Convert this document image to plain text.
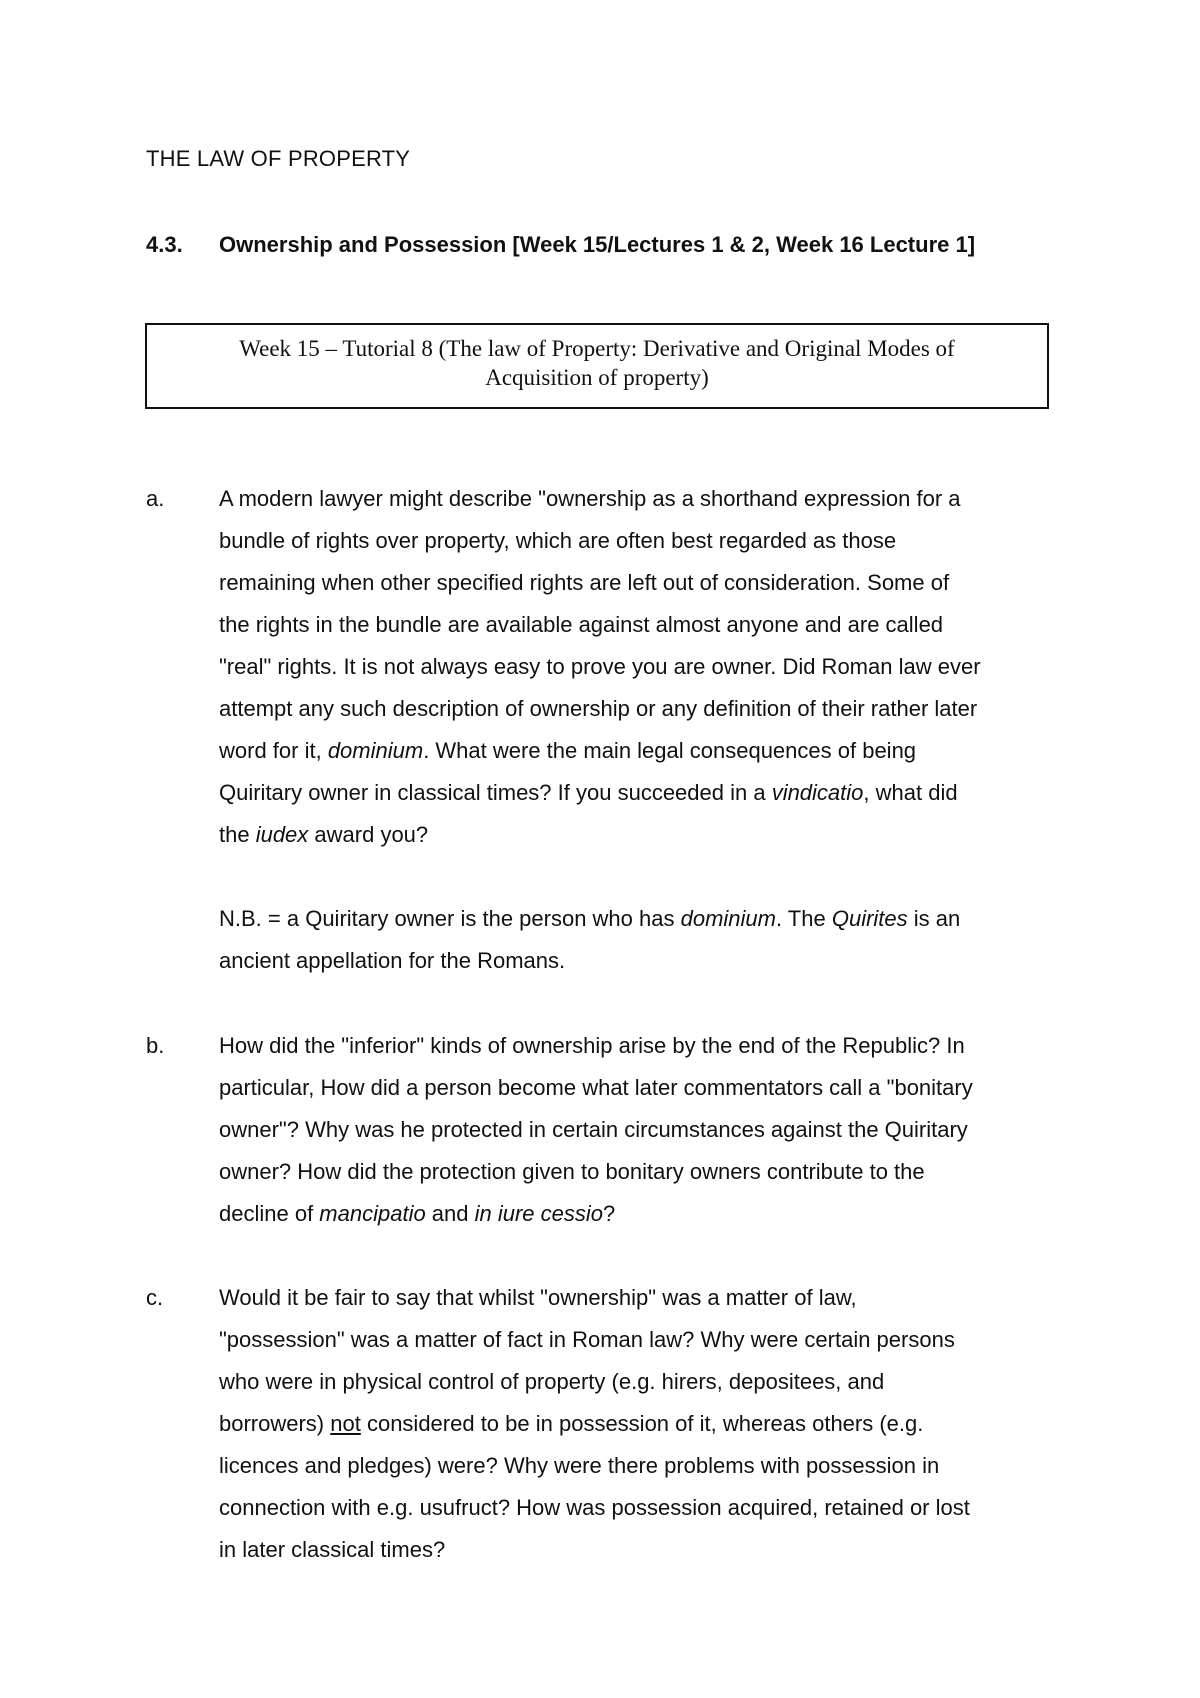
THE LAW OF PROPERTY
4.3. Ownership and Possession [Week 15/Lectures 1 & 2, Week 16 Lecture 1]
Week 15 – Tutorial 8 (The law of Property: Derivative and Original Modes of
Acquisition of property)
a. A modern lawyer might describe "ownership as a shorthand expression for a
bundle of rights over property, which are often best regarded as those
remaining when other specified rights are left out of consideration. Some of
the rights in the bundle are available against almost anyone and are called
"real" rights. It is not always easy to prove you are owner. Did Roman law ever
attempt any such description of ownership or any definition of their rather later
word for it, dominium. What were the main legal consequences of being
Quiritary owner in classical times? If you succeeded in a vindicatio, what did
the iudex award you?
N.B. = a Quiritary owner is the person who has dominium. The Quirites is an
ancient appellation for the Romans.
b. How did the "inferior" kinds of ownership arise by the end of the Republic? In
particular, How did a person become what later commentators call a "bonitary
owner"? Why was he protected in certain circumstances against the Quiritary
owner? How did the protection given to bonitary owners contribute to the
decline of mancipatio and in iure cessio?
c.	Would it be fair to say that whilst "ownership" was a matter of law,
"possession" was a matter of fact in Roman law? Why were certain persons
who were in physical control of property (e.g. hirers, depositees, and
borrowers) not considered to be in possession of it, whereas others (e.g.
licences and pledges) were? Why were there problems with possession in
connection with e.g. usufruct? How was possession acquired, retained or lost
in later classical times?
